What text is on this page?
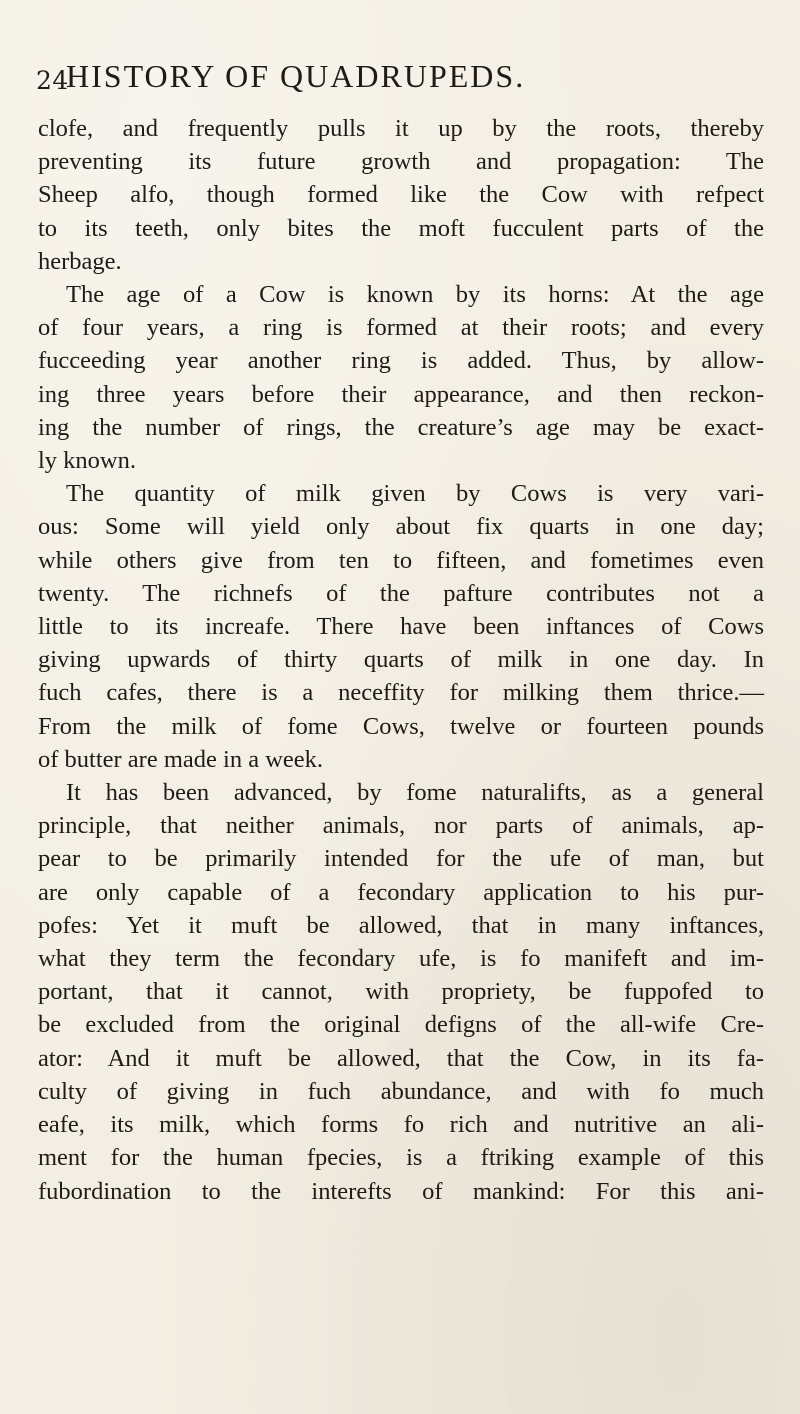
24
HISTORY OF QUADRUPEDS.

clofe, and frequently pulls it up by the roots, thereby
preventing its future growth and propagation: The
Sheep alfo, though formed like the Cow with refpect
to its teeth, only bites the moft fucculent parts of the
herbage.

The age of a Cow is known by its horns: At the age
of four years, a ring is formed at their roots; and every
fucceeding year another ring is added. Thus, by allow-
ing three years before their appearance, and then reckon-
ing the number of rings, the creature’s age may be exact-
ly known.

The quantity of milk given by Cows is very vari-
ous: Some will yield only about fix quarts in one day;
while others give from ten to fifteen, and fometimes even
twenty. The richnefs of the pafture contributes not a
little to its increafe. There have been inftances of Cows
giving upwards of thirty quarts of milk in one day. In
fuch cafes, there is a neceffity for milking them thrice.—
From the milk of fome Cows, twelve or fourteen pounds
of butter are made in a week.

It has been advanced, by fome naturalifts, as a general
principle, that neither animals, nor parts of animals, ap-
pear to be primarily intended for the ufe of man, but
are only capable of a fecondary application to his pur-
pofes: Yet it muft be allowed, that in many inftances,
what they term the fecondary ufe, is fo manifeft and im-
portant, that it cannot, with propriety, be fuppofed to
be excluded from the original defigns of the all-wife Cre-
ator: And it muft be allowed, that the Cow, in its fa-
culty of giving in fuch abundance, and with fo much
eafe, its milk, which forms fo rich and nutritive an ali-
ment for the human fpecies, is a ftriking example of this
fubordination to the interefts of mankind: For this ani-
